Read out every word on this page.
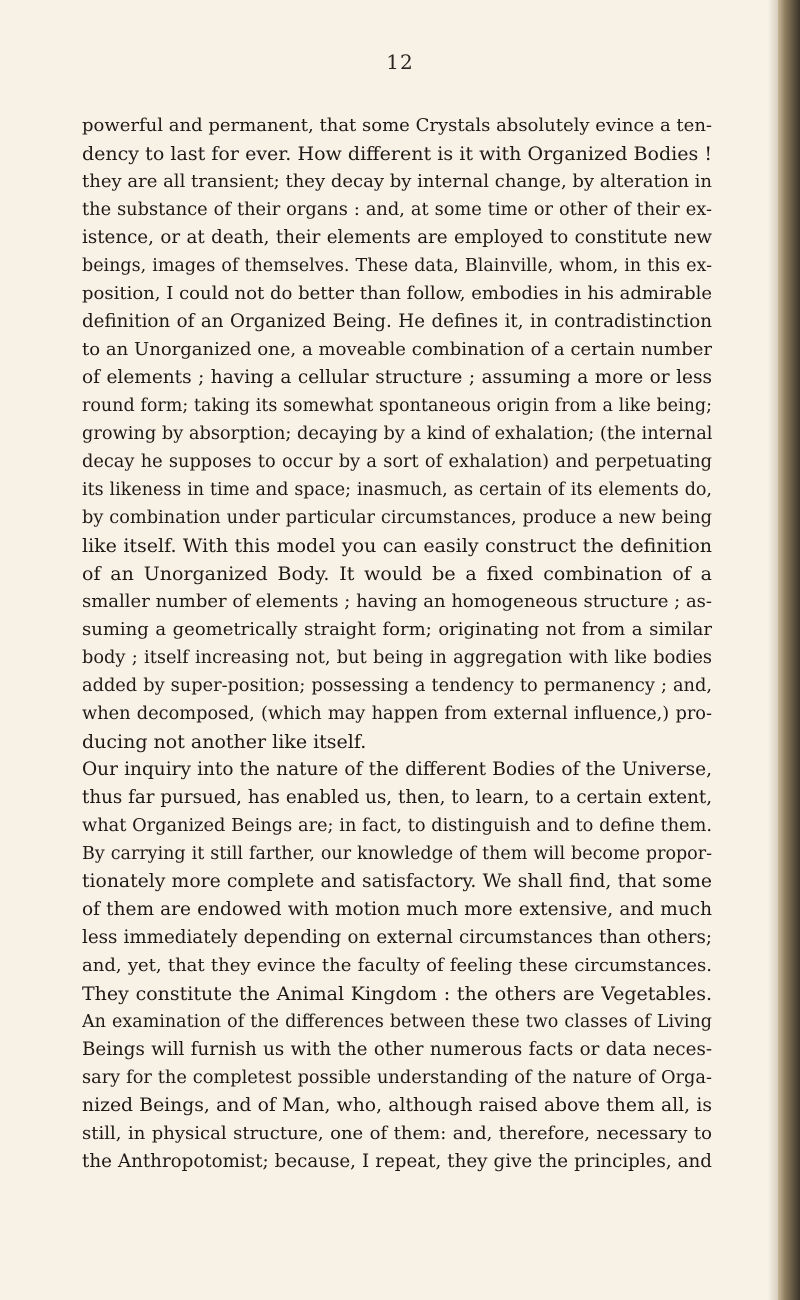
12
powerful and permanent, that some Crystals absolutely evince a ten-
dency to last for ever. How different is it with Organized Bodies !
they are all transient; they decay by internal change, by alteration in
the substance of their organs : and, at some time or other of their ex-
istence, or at death, their elements are employed to constitute new
beings, images of themselves. These data, Blainville, whom, in this ex-
position, I could not do better than follow, embodies in his admirable
definition of an Organized Being. He defines it, in contradistinction
to an Unorganized one, a moveable combination of a certain number
of elements ; having a cellular structure ; assuming a more or less
round form; taking its somewhat spontaneous origin from a like being;
growing by absorption; decaying by a kind of exhalation; (the internal
decay he supposes to occur by a sort of exhalation) and perpetuating
its likeness in time and space; inasmuch, as certain of its elements do,
by combination under particular circumstances, produce a new being
like itself. With this model you can easily construct the definition
of an Unorganized Body. It would be a fixed combination of a
smaller number of elements ; having an homogeneous structure ; as-
suming a geometrically straight form; originating not from a similar
body ; itself increasing not, but being in aggregation with like bodies
added by super-position; possessing a tendency to permanency ; and,
when decomposed, (which may happen from external influence,) pro-
ducing not another like itself.
Our inquiry into the nature of the different Bodies of the Universe,
thus far pursued, has enabled us, then, to learn, to a certain extent,
what Organized Beings are; in fact, to distinguish and to define them.
By carrying it still farther, our knowledge of them will become propor-
tionately more complete and satisfactory. We shall find, that some
of them are endowed with motion much more extensive, and much
less immediately depending on external circumstances than others;
and, yet, that they evince the faculty of feeling these circumstances.
They constitute the Animal Kingdom : the others are Vegetables.
An examination of the differences between these two classes of Living
Beings will furnish us with the other numerous facts or data neces-
sary for the completest possible understanding of the nature of Orga-
nized Beings, and of Man, who, although raised above them all, is
still, in physical structure, one of them: and, therefore, necessary to
the Anthropotomist; because, I repeat, they give the principles, and
